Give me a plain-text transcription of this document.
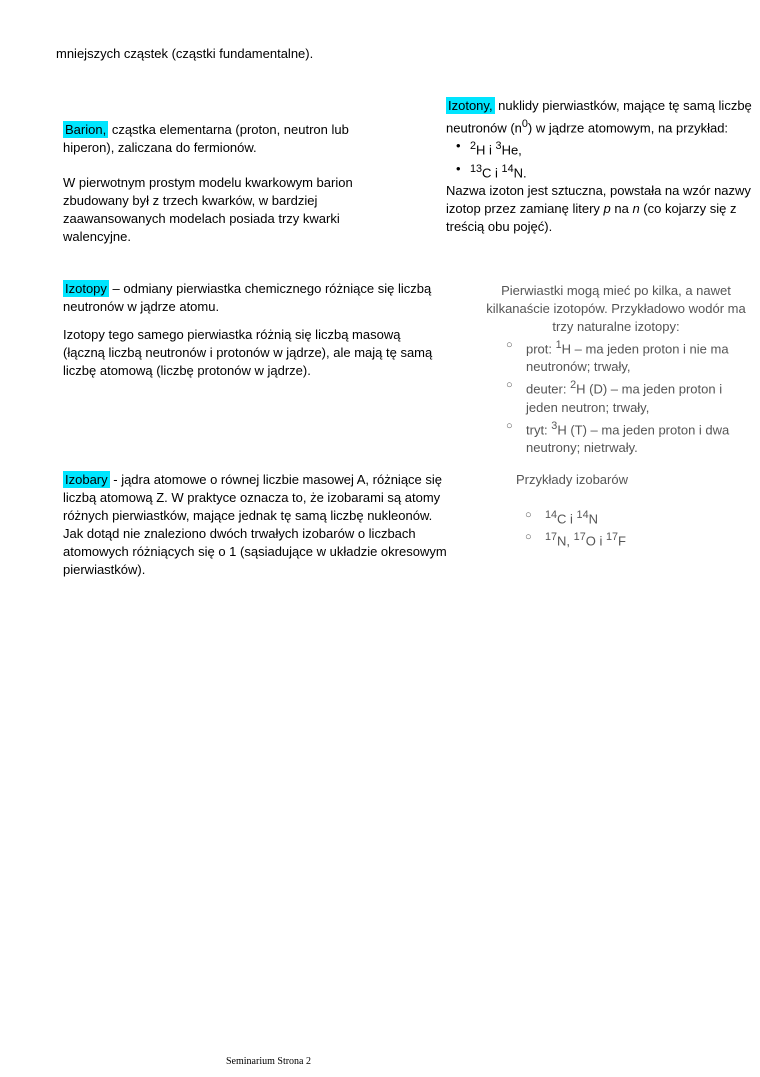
mniejszych cząstek (cząstki fundamentalne).

Barion, cząstka elementarna (proton, neutron lub hiperon), zaliczana do fermionów.

W pierwotnym prostym modelu kwarkowym barion zbudowany był z trzech kwarków, w bardziej zaawansowanych modelach posiada trzy kwarki walencyjne.

Izotony, nuklidy pierwiastków, mające tę samą liczbę neutronów $(n^0)$ w jądrze atomowym, na przykład:

• $^2$H i $^3$He,
• $^{13}$C i $^{14}$N.

Nazwa izoton jest sztuczna, powstała na wzór nazwy izotop przez zamianę litery p na n (co kojarzy się z treścią obu pojęć).

Izotopy – odmiany pierwiastka chemicznego różniące się liczbą neutronów w jądrze atomu.

Izotopy tego samego pierwiastka różnią się liczbą masową (łączną liczbą neutronów i protonów w jądrze), ale mają tę samą liczbę atomową (liczbę protonów w jądrze).

Pierwiastki mogą mieć po kilka, a nawet kilkanaście izotopów. Przykładowo wodór ma trzy naturalne izotopy:

○ prot: $^1$H – ma jeden proton i nie ma neutronów; trwały,
○ deuter: $^2$H (D) – ma jeden proton i jeden neutron; trwały,
○ tryt: $^3$H (T) – ma jeden proton i dwa neutrony; nietrwały.

Izobary - jądra atomowe o równej liczbie masowej A, różniące się liczbą atomową Z. W praktyce oznacza to, że izobarami są atomy różnych pierwiastków, mające jednak tę samą liczbę nukleonów. Jak dotąd nie znaleziono dwóch trwałych izobarów o liczbach atomowych różniących się o 1 (sąsiadujące w układzie okresowym pierwiastków).

Przykłady izobarów

○ $^{14}$C i $^{14}$N
○ $^{17}$N, $^{17}$O i $^{17}$F
Seminarium Strona 2
